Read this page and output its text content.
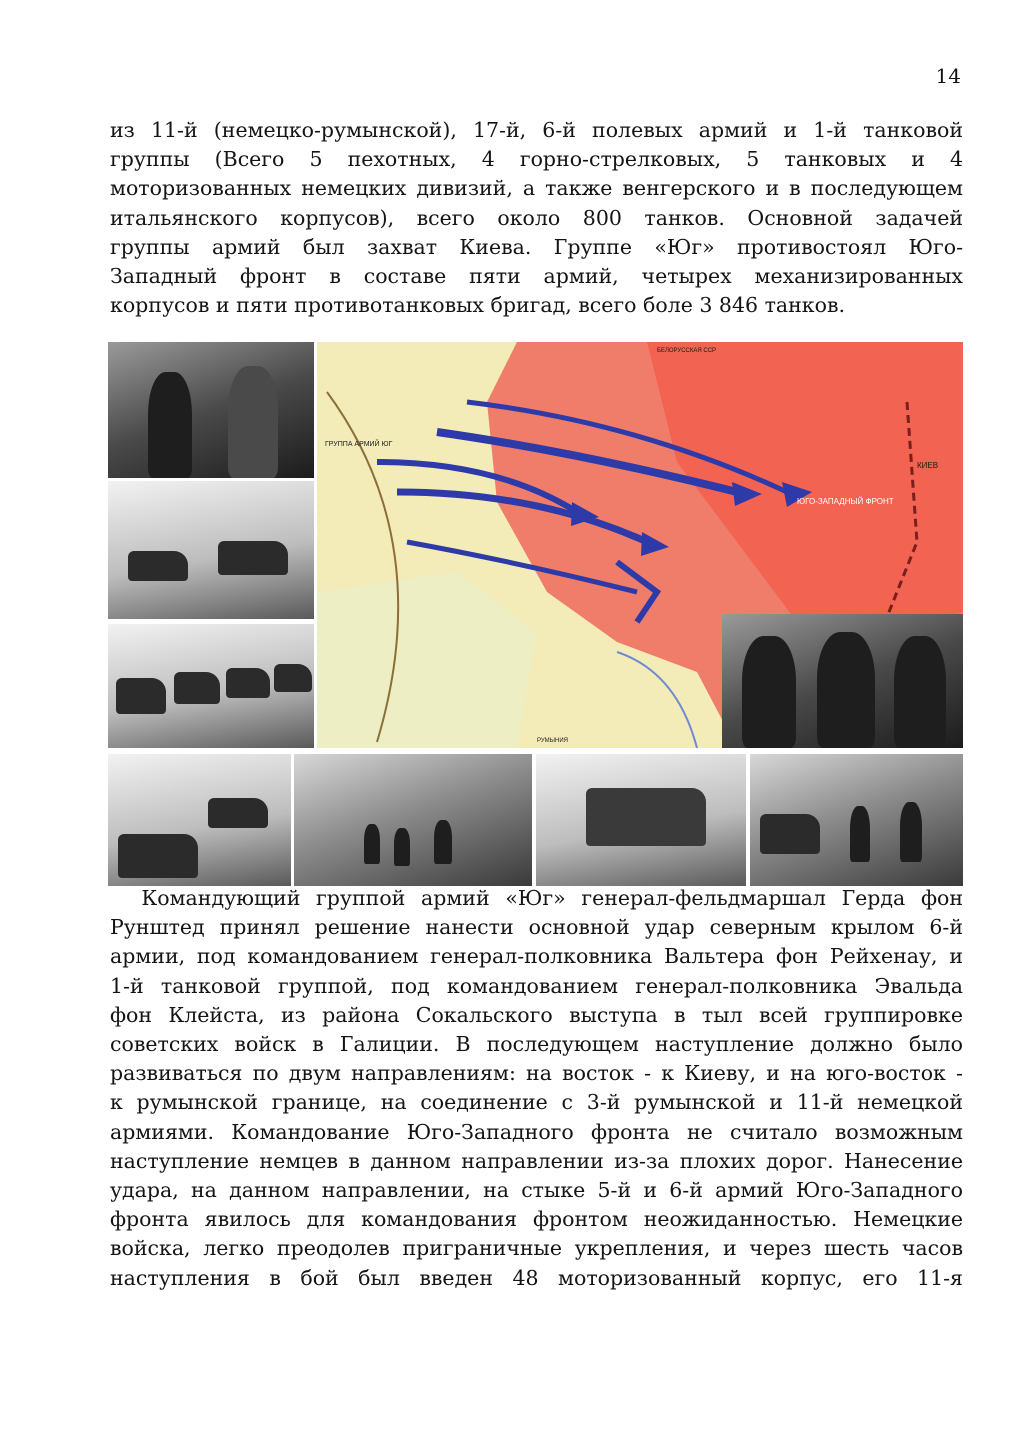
14

из 11-й (немецко-румынской), 17-й, 6-й полевых армий и 1-й танковой
группы (Всего 5 пехотных, 4 горно-стрелковых, 5 танковых и 4
моторизованных немецких дивизий, а также венгерского и в последующем
итальянского корпусов), всего около 800 танков. Основной задачей
группы армий был захват Киева. Группе «Юг» противостоял Юго-
Западный фронт в составе пяти армий, четырех механизированных
корпусов и пяти противотанковых бригад, всего боле 3 846 танков.

КИЕВ
ЮГО-ЗАПАДНЫЙ ФРОНТ
ГРУППА АРМИЙ ЮГ
БЕЛОРУССКАЯ ССР
РУМЫНИЯ

Командующий группой армий «Юг» генерал-фельдмаршал Герда фон
Рунштед принял решение нанести основной удар северным крылом 6-й
армии, под командованием генерал-полковника Вальтера фон Рейхенау, и
1-й танковой группой, под командованием генерал-полковника Эвальда
фон Клейста, из района Сокальского выступа в тыл всей группировке
советских войск в Галиции. В последующем наступление должно было
развиваться по двум направлениям: на восток - к Киеву, и на юго-восток -
к румынской границе, на соединение с 3-й румынской и 11-й немецкой
армиями. Командование Юго-Западного фронта не считало возможным
наступление немцев в данном направлении из-за плохих дорог. Нанесение
удара, на данном направлении, на стыке 5-й и 6-й армий Юго-Западного
фронта явилось для командования фронтом неожиданностью. Немецкие
войска, легко преодолев приграничные укрепления, и через шесть часов
наступления в бой был введен 48 моторизованный корпус, его 11-я
